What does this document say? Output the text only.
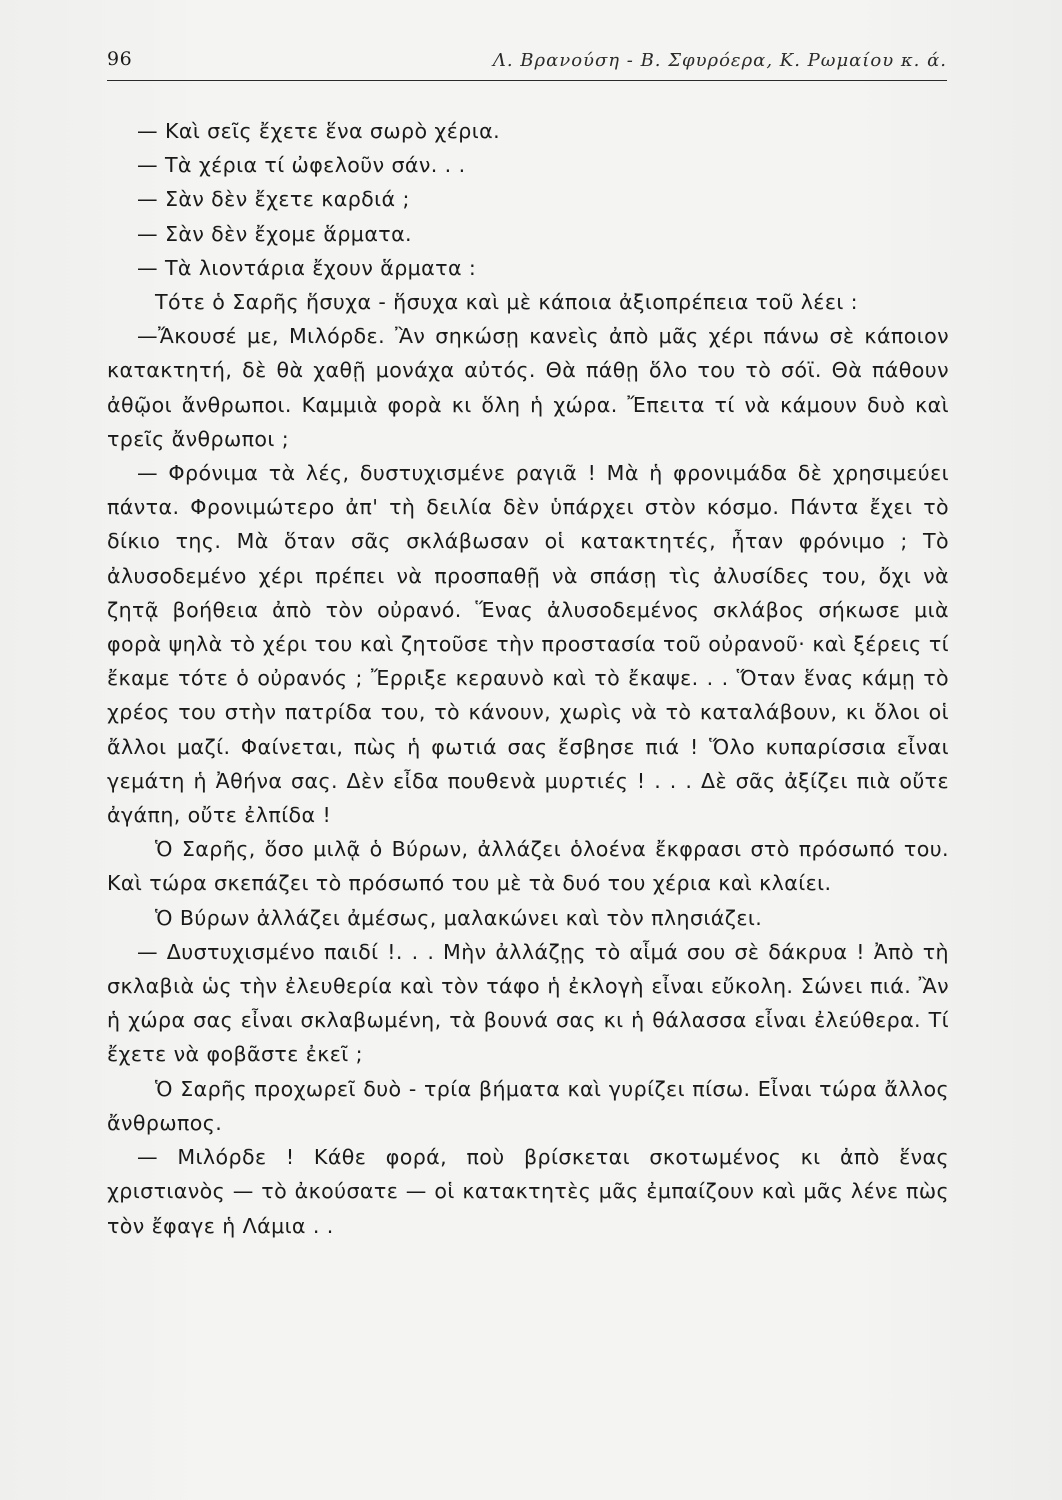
96	Λ. Βρανούση - Β. Σφυρόερα, Κ. Ρωμαίου κ. ά.

— Καὶ σεῖς ἔχετε ἕνα σωρὸ χέρια.

— Τὰ χέρια τί ὠφελοῦν σάν. . .

— Σὰν δὲν ἔχετε καρδιά ;

— Σὰν δὲν ἔχομε ἅρματα.

— Τὰ λιοντάρια ἔχουν ἅρματα :

Τότε ὁ Σαρῆς ἥσυχα - ἥσυχα καὶ μὲ κάποια ἀξιοπρέπεια τοῦ λέει :

—Ἄκουσέ με, Μιλόρδε. Ἂν σηκώσῃ κανεὶς ἀπὸ μᾶς χέρι πάνω σὲ κάποιον κατακτητή, δὲ θὰ χαθῇ μονάχα αὐτός. Θὰ πάθῃ ὅλο του τὸ σόϊ. Θὰ πάθουν ἀθῷοι ἄνθρωποι. Καμμιὰ φορὰ κι ὅλη ἡ χώρα. Ἔπειτα τί νὰ κάμουν δυὸ καὶ τρεῖς ἄνθρωποι ;

— Φρόνιμα τὰ λές, δυστυχισμένε ραγιᾶ ! Μὰ ἡ φρονιμάδα δὲ χρησιμεύει πάντα. Φρονιμώτερο ἀπ' τὴ δειλία δὲν ὑπάρχει στὸν κόσμο. Πάντα ἔχει τὸ δίκιο της. Μὰ ὅταν σᾶς σκλάβωσαν οἱ κατακτητές, ἦταν φρόνιμο ; Τὸ ἀλυσοδεμένο χέρι πρέπει νὰ προσπαθῇ νὰ σπάσῃ τὶς ἀλυσίδες του, ὄχι νὰ ζητᾷ βοήθεια ἀπὸ τὸν οὐρανό. Ἕνας ἀλυσοδεμένος σκλάβος σήκωσε μιὰ φορὰ ψηλὰ τὸ χέρι του καὶ ζητοῦσε τὴν προστασία τοῦ οὐρανοῦ· καὶ ξέρεις τί ἔκαμε τότε ὁ οὐρανός ; Ἔρριξε κεραυνὸ καὶ τὸ ἔκαψε. . . Ὅταν ἕνας κάμῃ τὸ χρέος του στὴν πατρίδα του, τὸ κάνουν, χωρὶς νὰ τὸ καταλάβουν, κι ὅλοι οἱ ἄλλοι μαζί. Φαίνεται, πὼς ἡ φωτιά σας ἔσβησε πιά ! Ὅλο κυπαρίσσια εἶναι γεμάτη ἡ Ἀθήνα σας. Δὲν εἶδα πουθενὰ μυρτιές ! . . . Δὲ σᾶς ἀξίζει πιὰ οὔτε ἀγάπη, οὔτε ἐλπίδα !

Ὁ Σαρῆς, ὅσο μιλᾷ ὁ Βύρων, ἀλλάζει ὁλοένα ἔκφρασι στὸ πρόσωπό του. Καὶ τώρα σκεπάζει τὸ πρόσωπό του μὲ τὰ δυό του χέρια καὶ κλαίει.

Ὁ Βύρων ἀλλάζει ἀμέσως, μαλακώνει καὶ τὸν πλησιάζει.

— Δυστυχισμένο παιδί !. . . Μὴν ἀλλάζῃς τὸ αἷμά σου σὲ δάκρυα ! Ἀπὸ τὴ σκλαβιὰ ὡς τὴν ἐλευθερία καὶ τὸν τάφο ἡ ἐκλογὴ εἶναι εὔκολη. Σώνει πιά. Ἂν ἡ χώρα σας εἶναι σκλαβωμένη, τὰ βουνά σας κι ἡ θάλασσα εἶναι ἐλεύθερα. Τί ἔχετε νὰ φοβᾶστε ἐκεῖ ;

Ὁ Σαρῆς προχωρεῖ δυὸ - τρία βήματα καὶ γυρίζει πίσω. Εἶναι τώρα ἄλλος ἄνθρωπος.

— Μιλόρδε ! Κάθε φορά, ποὺ βρίσκεται σκοτωμένος κι ἀπὸ ἕνας χριστιανὸς — τὸ ἀκούσατε — οἱ κατακτητὲς μᾶς ἐμπαίζουν καὶ μᾶς λένε πὼς τὸν ἔφαγε ἡ Λάμια . .
